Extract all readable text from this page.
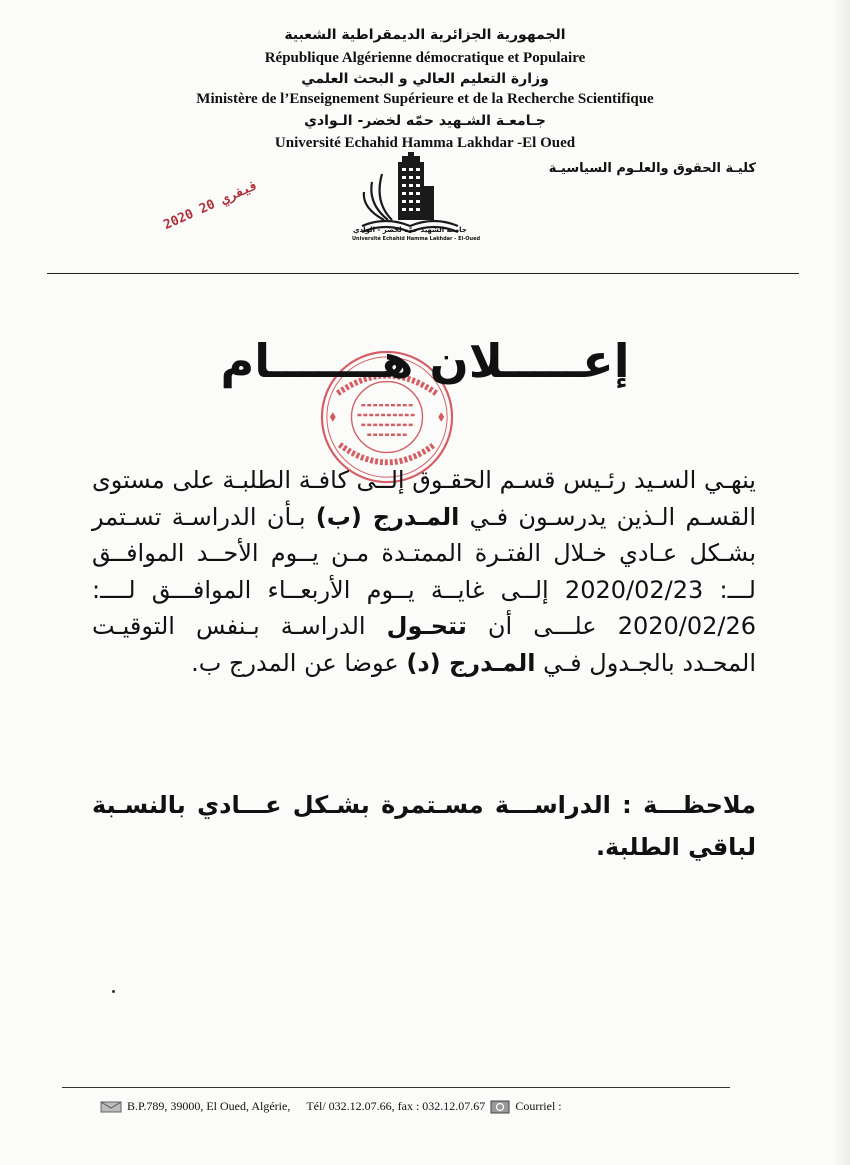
الجمهورية الجزائرية الديمقراطية الشعبية
République Algérienne démocratique et Populaire
وزارة التعليم العالي و البحث العلمي
Ministère de l’Enseignement Supérieure et de la Recherche Scientifique
جـامعـة الشـهيد حمّه لخضر- الـوادي
Université Echahid Hamma Lakhdar -El Oued
كليـة الحقوق والعلـوم السياسيـة
2020 فيفري 20
جامعة الشهيد حمّه لخضر - الوادي
Université Echahid Hamma Lakhdar - El-Oued
إعـــــلان هـــــــام
ينهـي السـيد رئـيس قسـم الحقـوق إلــى كافـة الطلبـة على مستوى القسـم الـذين يدرسـون فـي المـدرج (ب) بـأن الدراسـة تسـتمر بشـكل عـادي خـلال الفتـرة الممتـدة مـن يــوم الأحــد الموافــق لـــ: 2020/02/23 إلــى غايــة يــوم الأربعــاء الموافـــق لــــ: 2020/02/26 علـــى أن تتحـول الدراسـة بـنفس التوقيـت المحـدد بالجـدول فـي المـدرج (د) عوضا عن المدرج ب.
ملاحظـــة : الدراســـة مسـتمرة بشـكل عـــادي بالنسـبة لباقي الطلبة.
B.P.789, 39000, El Oued, Algérie, Tél/ 032.12.07.66, fax : 032.12.07.67	Courriel :
